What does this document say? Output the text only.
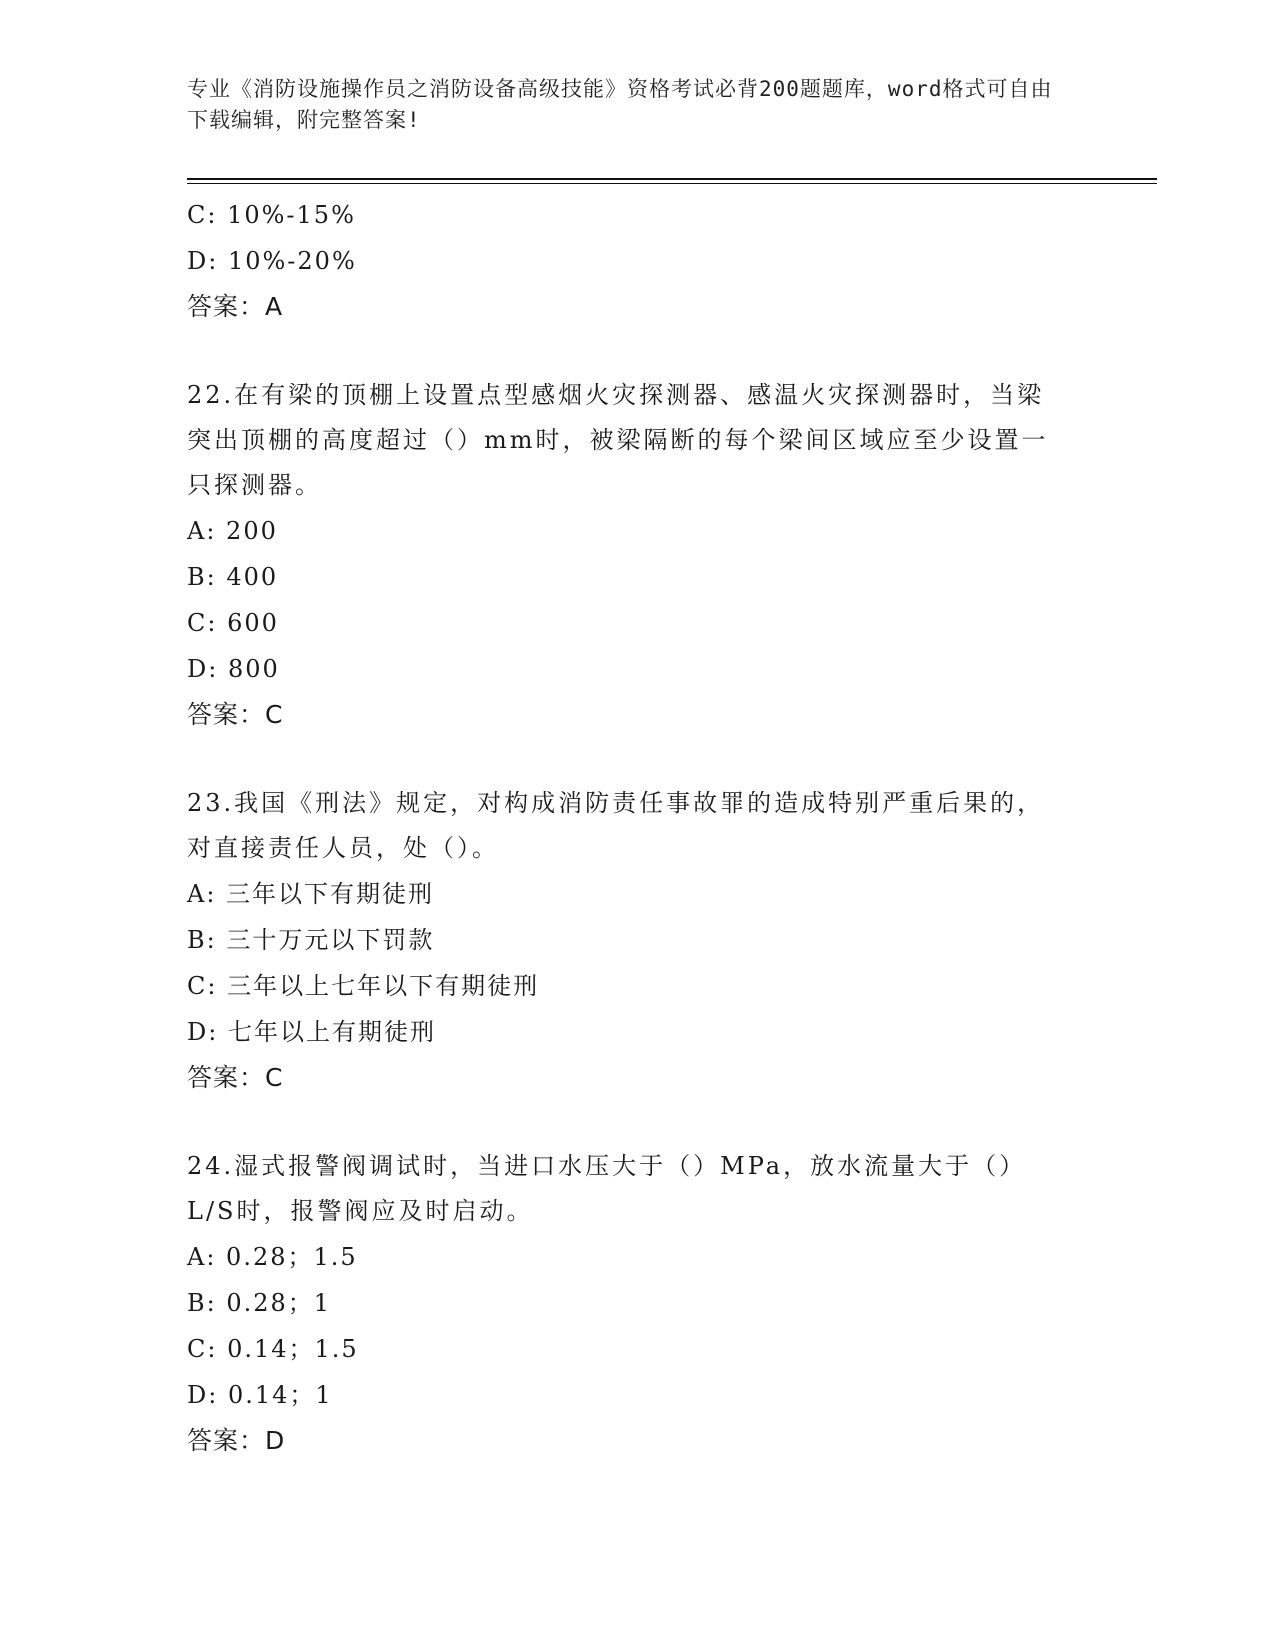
专业《消防设施操作员之消防设备高级技能》资格考试必背200题题库，word格式可自由下载编辑，附完整答案!
C: 10%-15%
D: 10%-20%
答案：A
22.在有梁的顶棚上设置点型感烟火灾探测器、感温火灾探测器时，当梁突出顶棚的高度超过（）mm时，被梁隔断的每个梁间区域应至少设置一只探测器。
A: 200
B: 400
C: 600
D: 800
答案：C
23.我国《刑法》规定，对构成消防责任事故罪的造成特别严重后果的，对直接责任人员，处（）。
A: 三年以下有期徒刑
B: 三十万元以下罚款
C: 三年以上七年以下有期徒刑
D: 七年以上有期徒刑
答案：C
24.湿式报警阀调试时，当进口水压大于（）MPa，放水流量大于（）L/S时，报警阀应及时启动。
A: 0.28；1.5
B: 0.28；1
C: 0.14；1.5
D: 0.14；1
答案：D
